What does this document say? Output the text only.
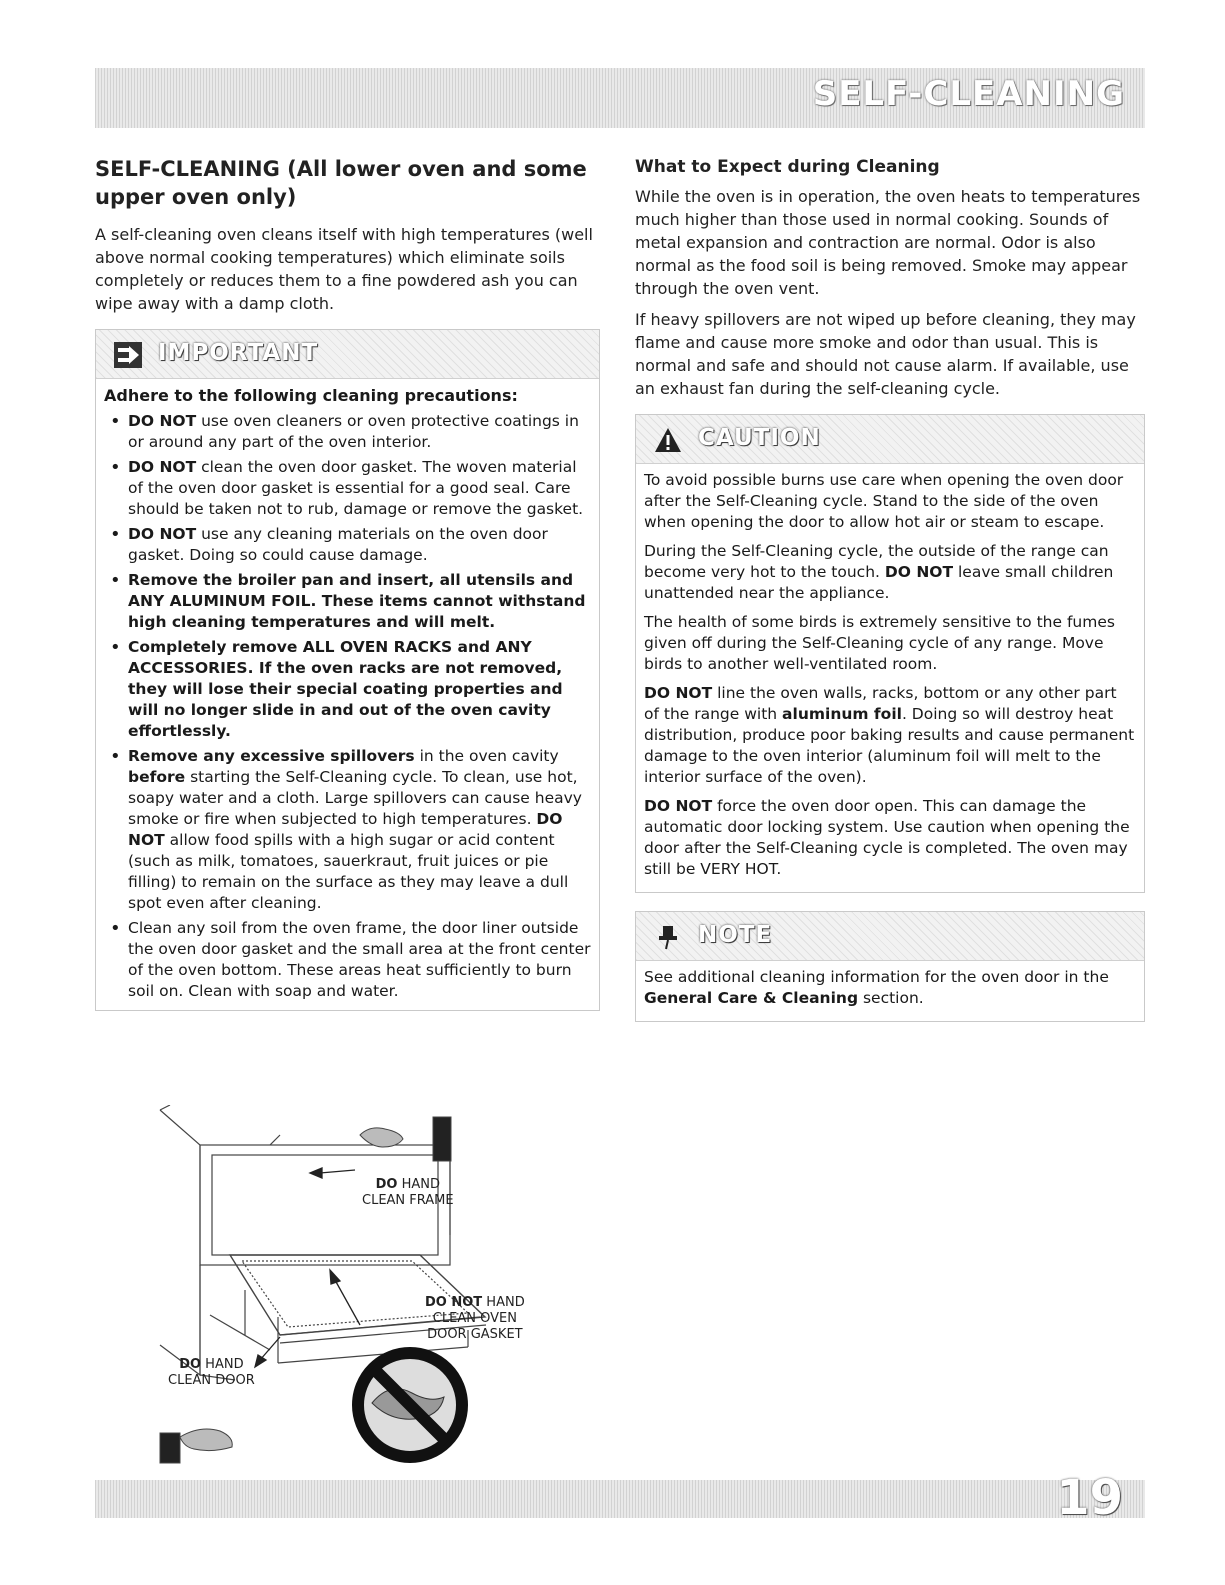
SELF-CLEANING
SELF-CLEANING (All lower oven and some upper oven only)

A self-cleaning oven cleans itself with high temperatures (well above normal cooking temperatures) which eliminate soils completely or reduces them to a fine powdered ash you can wipe away with a damp cloth.

IMPORTANT
Adhere to the following cleaning precautions:
• DO NOT use oven cleaners or oven protective coatings in or around any part of the oven interior.
• DO NOT clean the oven door gasket. The woven material of the oven door gasket is essential for a good seal. Care should be taken not to rub, damage or remove the gasket.
• DO NOT use any cleaning materials on the oven door gasket. Doing so could cause damage.
• Remove the broiler pan and insert, all utensils and ANY ALUMINUM FOIL. These items cannot withstand high cleaning temperatures and will melt.
• Completely remove ALL OVEN RACKS and ANY ACCESSORIES. If the oven racks are not removed, they will lose their special coating properties and will no longer slide in and out of the oven cavity effortlessly.
• Remove any excessive spillovers in the oven cavity before starting the Self-Cleaning cycle. To clean, use hot, soapy water and a cloth. Large spillovers can cause heavy smoke or fire when subjected to high temperatures. DO NOT allow food spills with a high sugar or acid content (such as milk, tomatoes, sauerkraut, fruit juices or pie filling) to remain on the surface as they may leave a dull spot even after cleaning.
• Clean any soil from the oven frame, the door liner outside the oven door gasket and the small area at the front center of the oven bottom. These areas heat sufficiently to burn soil on. Clean with soap and water.
DO HAND
CLEAN FRAME
DO NOT HAND
CLEAN OVEN
DOOR GASKET
DO HAND
CLEAN DOOR
What to Expect during Cleaning

While the oven is in operation, the oven heats to temperatures much higher than those used in normal cooking. Sounds of metal expansion and contraction are normal. Odor is also normal as the food soil is being removed. Smoke may appear through the oven vent.

If heavy spillovers are not wiped up before cleaning, they may flame and cause more smoke and odor than usual. This is normal and safe and should not cause alarm. If available, use an exhaust fan during the self-cleaning cycle.

CAUTION

To avoid possible burns use care when opening the oven door after the Self-Cleaning cycle. Stand to the side of the oven when opening the door to allow hot air or steam to escape.

During the Self-Cleaning cycle, the outside of the range can become very hot to the touch. DO NOT leave small children unattended near the appliance.

The health of some birds is extremely sensitive to the fumes given off during the Self-Cleaning cycle of any range. Move birds to another well-ventilated room.

DO NOT line the oven walls, racks, bottom or any other part of the range with aluminum foil. Doing so will destroy heat distribution, produce poor baking results and cause permanent damage to the oven interior (aluminum foil will melt to the interior surface of the oven).

DO NOT force the oven door open. This can damage the automatic door locking system. Use caution when opening the door after the Self-Cleaning cycle is completed. The oven may still be VERY HOT.

NOTE

See additional cleaning information for the oven door in the General Care & Cleaning section.

19
